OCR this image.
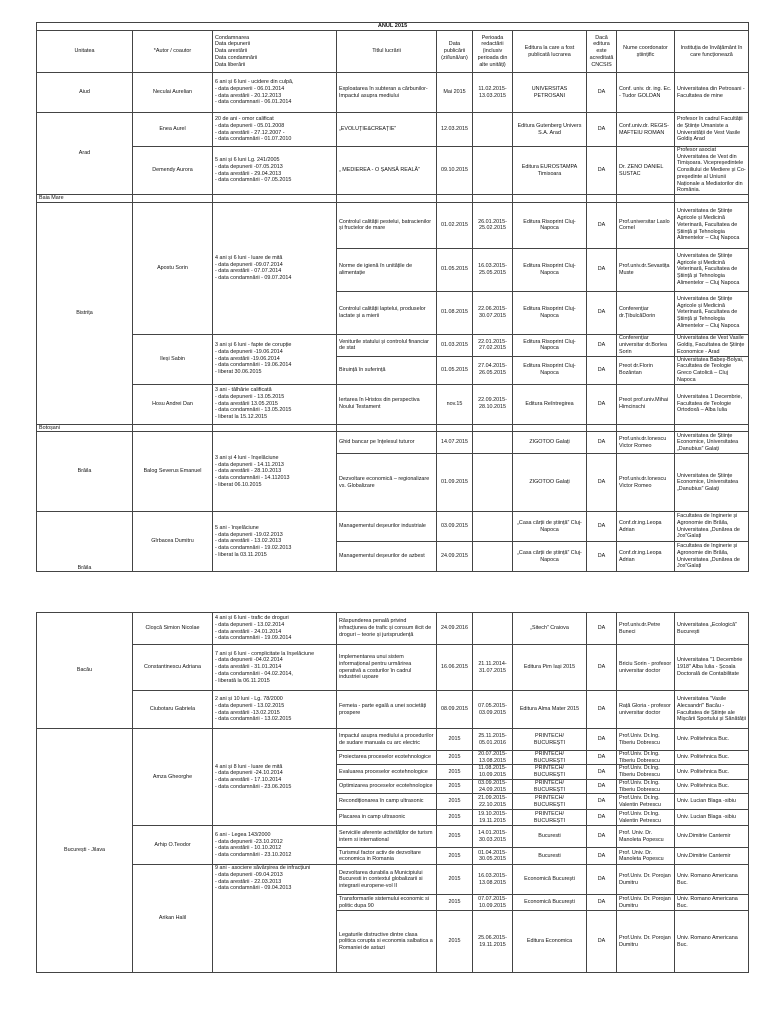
ANUL 2015									
Unitatea	*Autor / coautor	Condamnarea
Data depunerii
Data arestării
Data condamnării
Data liberării	Titlul lucrării	Data publicării (zi/lună/an)	Perioada redactării (inclusiv perioada din alte unități)	Editura la care a fost publicată lucrarea	Dacă editura este acreditată CNCSIS	Nume coordonator științific	Instituția de învățământ în care funcționează
Aiud	Neculai Aurelian	6 ani și 6 luni - ucidere din culpă,
- data depunerii - 06.01.2014
- data arestării - 20.12.2013
- data condamnarii - 06.01.2014	Exploatarea în subteran a cărbunilor-Impactul asupra mediului	Mai 2015	11.02.2015-
13.03.2015	UNIVERSITAS
PETROSANI	DA	Conf. univ. dr. ing. Ec. - Tudor GOLDAN	Universitatea din Petrosani - Facultatea de mine
Arad	Enea Aurel	20 de ani - omor calificat
- data depunerii - 05.01.2008
- data arestării - 27.12.2007 -
- data condamnării - 01.07.2010	„EVOLUȚIE&CREAȚIE”	12.03.2015		Editura Gutenberg Univers S.A. Arad	DA	Conf.univ.dr. REGIS-MAFTEIU ROMAN	Profesor în cadrul Facultății de Științe Umaniste a Universității de Vest Vasile Goldiș Arad
	Demendy Aurora	5 ani și 6 luni Lg. 241/2005
- data depunerii -07.05.2013
- data arestării - 29.04.2013
- data condamnării - 07.05.2015	„ MEDIEREA - O ȘANSĂ REALĂ”	09.10.2015		Editura EUROSTAMPA Timisoara	DA	Dr. ZENO DANIEL SUSTAC	Profesor asociat Universitatea de Vest din Timișoara. Vicepreședintele Consiliului de Mediere și Co-președinte al Uniunii Naționale a Mediatorilor din România.
Baia Mare									
Bistrița	Apostu Sorin	4 ani și 6 luni - luare de mită
- data depunerii -09.07.2014
- data arestării - 07.07.2014
- data condamnării - 09.07.2014	Controlul calității pestelui, batracienilor și fructelor de mare	01.02.2015	26.01.2015-
25.02.2015	Editura Risoprint Cluj-Napoca	DA	Prof.universitar Laslo Cornel	Universitatea de Științe Agricole și Medicină Veterinară, Facultatea de Știință și Tehnologia Alimentelor – Cluj Napoca
			Norme de igienă în unitățile de alimentație	01.05.2015	16.03.2015-
25.05.2015	Editura Risoprint Cluj-Napoca	DA	Prof.univ.dr.Sevastița Muste	Universitatea de Științe Agricole și Medicină Veterinară, Facultatea de Știință și Tehnologia Alimentelor – Cluj Napoca
			Controlul calității laptelui, produselor lactate și a mierii	01.08.2015	22.06.2015-
30.07.2015	Editura Risoprint Cluj-Napoca	DA	Conferențiar dr.ȚibulcăDorin	Universitatea de Științe Agricole și Medicină Veterinară, Facultatea de Știință și Tehnologia Alimentelor – Cluj Napoca
	Ileși Sabin	3 ani și 6 luni - fapte de corupție
- data depunerii -19.06.2014
- data arestării -19.06.2014
- data condamnării - 19.06.2014
- liberat 30.06.2015	Veniturile statului și controlul financiar de stat	01.03.2015	22.01.2015-
27.02.2015	Editura Risoprint Cluj-Napoca	DA	Conferențiar universitar dr.Borlea Sorin	Universitatea de Vest Vasile Goldiș, Facultatea de Științe Economice - Arad
			Biruință în suferință	01.05.2015	27.04.2015-
26.05.2015	Editura Risoprint Cluj-Napoca	DA	Preot dr.Florin Bozântan	Universitatea Babeș-Bolyai, Facultatea de Teologie Greco Catolică – Cluj Napoca
	Hosu Andrei Dan	3 ani - tâlhărie calificată
- data depunerii - 13.05.2015
- data arestării 13.05.2015
- data condamnării - 13.05.2015
- liberat la 15.12.2015	Iertarea în Hristos din perspectiva Noului Testament	nov.15	22.09.2015-
28.10.2015	Editura Reîntregirea	DA	Preot prof.univ.Mihai Himcinschi	Universitatea 1 Decembrie, Facultatea de Teologie Ortodoxă – Alba Iulia
Botoșani									
Brăila	Balog Severus Emanuel	3 ani și 4 luni - înșelăciune
- data depunerii - 14.11.2013
- data arestării - 28.10.2013
- data condamnării - 14.112013
- liberat 06.10.2015	Ghid bancar pe înțelesul tuturor	14.07.2015		ZIGOTOO Galați	DA	Prof.univ.dr.Ionescu Victor Romeo	Universitatea de Științe Economice, Universitatea „Danubius” Galați
			Dezvoltare economică – regionalizare vs. Globalizare	01.09.2015		ZIGOTOO Galați	DA	Prof.univ.dr.Ionescu Victor Romeo	Universitatea de Științe Economice, Universitatea „Danubius” Galați
Brăila	Gîrbacea Dumitru	5 ani - înșelăciune
- data depunerii -19.02.2013
- data arestării - 13.02.2013
- data condamnării - 19.02.2013
- liberat la 03.11.2015	Managementul deșeurilor industriale	03.09.2015		„Casa cărții de știință” Cluj-Napoca	DA	Conf.dr.ing.Leopa Adrian	Facultatea de Inginerie și Agronomie din Brăila, Universitatea „Dunărea de Jos”Galați
			Managementul deșeurilor de azbest	24.09.2015		„Casa cărții de știință” Cluj-Napoca	DA	Conf.dr.ing.Leopa Adrian	Facultatea de Inginerie și Agronomie din Brăila, Universitatea „Dunărea de Jos”Galați
Bacău	Cloșcă Simion Nicolae	4 ani și 6 luni - trafic de droguri
- data depunerii - 13.02.2014
- data arestării - 24.01.2014
- data condamnării - 19.09.2014	Răspunderea penală privind infracțiunea de trafic și consum ilicit de droguri – teorie și jurisprudență	24.09.2016		„Sitech” Craiova	DA	Prof.univ.dr.Petre Buneci	Universitatea „Ecologică” București
	Constantinescu Adriana	7 ani și 6 luni - complicitate la înșelăciune
- data depunerii -04.02.2014
- data arestării - 31.01.2014
- data condamnării - 04.02.2014,
- liberată la 06.11.2015	Implementarea unui sistem informațional pentru urmărirea operativă a costurilor în cadrul industriei ușoare	16.06.2015	21.11.2014-
31.07.2015	Editura Pim Iași 2015	DA	Briciu Sorin - profesor universitar doctor	Universitatea "1 Decembrie 1918" Alba Iulia - Școala Doctorală de Contabilitate
	Ciubotaru Gabriela	2 ani și 10 luni - Lg. 78/2000
- data depunerii - 13.02.2015
- data arestării -13.02.2015
- data condamnării - 13.02.2015	Femeia - parte egală a unei societăți prospere	08.09.2015	07.05.2015-
03.09.2015	Editura Alma Mater 2015	DA	Rață Gloria - profesor universitar doctor	Universitatea "Vasile Alecsandri" Bacău - Facultatea de Științe ale Mișcării Sportului și Sănătății
București - Jilava	Amza Gheorghe	4 ani și 8 luni - luare de mită
- data depunerii -24.10.2014
- data arestării - 17.10.2014
- data condamnării - 23.06.2015	Impactul asupra mediului a procedurilor de sudare manuala cu arc electric	2015	25.11.2015-
05.01.2016	PRINTECH/
BUCUREȘTI	DA	Prof.Univ. Dr.Ing. Tiberiu Dobrescu	Univ. Politehnica Buc.
			Proiectarea proceselor ecotehnologice	2015	20.07.2015-
13.08.2015	PRINTECH/
BUCUREȘTI	DA	Prof.Univ. Dr.Ing. Tiberiu Dobrescu	Univ. Politehnica Buc.
			Evaluarea proceselor ecotehnologice	2015	11.08.2015-
10.09.2015	PRINTECH/
BUCUREȘTI	DA	Prof.Univ. Dr.Ing. Tiberiu Dobrescu	Univ. Politehnica Buc.
			Optimizarea proceselor ecotehnologice	2015	03.09.2015-
24.09.2015	PRINTECH/
BUCUREȘTI	DA	Prof.Univ. Dr.Ing. Tiberiu Dobrescu	Univ. Politehnica Buc.
			Recondiționarea în camp ultrasonic	2015	21.09.2015-
22.10.2015	PRINTECH/
BUCUREȘTI	DA	Prof.Univ. Dr.Ing. Valentin Petrescu	Univ. Lucian Blaga -sibiu
			Placarea in camp ultrasonic	2015	19.10.2015-
19.11.2015	PRINTECH/
BUCUREȘTI	DA	Prof.Univ. Dr.Ing. Valentin Petrescu	Univ. Lucian Blaga -sibiu
	Arhip O.Teodor	6 ani - Legea 143/2000
- data depunerii -23.10.2012
- data arestării - 10.10.2012
- data condamnării - 23.10.2012	Serviciile aferente activităților de turism intern si international	2015	14.01.2015-
30.03.2015	Bucuresti	DA	Prof. Univ. Dr. Manoleta Popescu	Univ.Dimitrie Cantemir
			Turismul factor activ de dezvoltare economica in Romania	2015	01.04.2015-
30.05.2015	Bucuresti	DA	Prof. Univ. Dr. Manoleta Popescu	Univ.Dimitrie Cantemir
	Arikan Halil	9 ani - asociere săvârșirea de infracțiuni
- data depunerii -09.04.2013
- data arestării - 22.03.2013
- data condamnării - 09.04.2013	Dezvoltarea durabila a Municipiului Bucuresti in contextul globalizarii si integrarii europene-vol II	2015	16.03.2015-
13.08.2015	Economică București	DA	Prof.Univ. Dr. Porojan Dumitru	Univ. Romano Americana Buc.
			Transformarile sistemului economic si politic dupa 90	2015	07.07.2015-
10.09.2015	Economică București	DA	Prof.Univ. Dr. Porojan Dumitru	Univ. Romano Americana Buc.
			Legaturile distructive dintre clasa politica corupta si economia salbatica a Romaniei de astazi	2015	25.06.2015-
19.11.2015	Editura Economica	DA	Prof.Univ. Dr. Porojan Dumitru	Univ. Romano Americana Buc.
